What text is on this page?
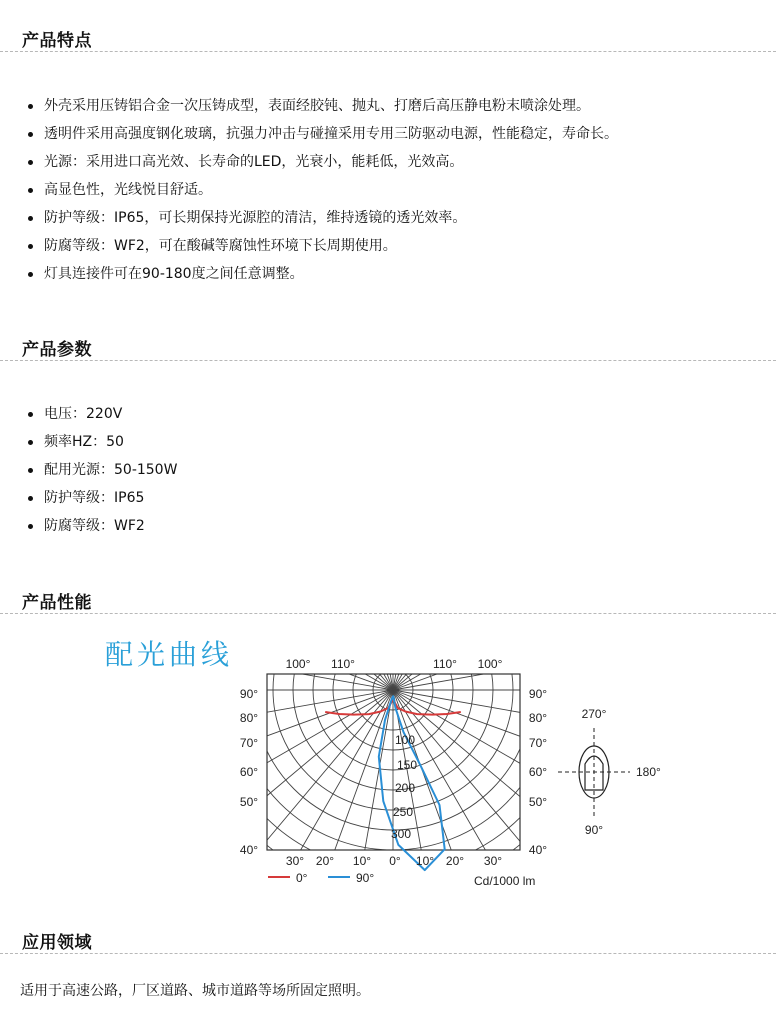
产品特点
外壳采用压铸铝合金一次压铸成型，表面经胶钝、抛丸、打磨后高压静电粉末喷涂处理。
透明件采用高强度钢化玻璃，抗强力冲击与碰撞采用专用三防驱动电源，性能稳定，寿命长。
光源：采用进口高光效、长寿命的LED，光衰小，能耗低，光效高。
高显色性，光线悦目舒适。
防护等级：IP65，可长期保持光源腔的清洁，维持透镜的透光效率。
防腐等级：WF2，可在酸碱等腐蚀性环境下长周期使用。
灯具连接件可在90-180度之间任意调整。
产品参数
电压：220V
频率HZ：50
配用光源：50-150W
防护等级：IP65
防腐等级：WF2
产品性能
配光曲线	100° 110°	110° 100°
90°
80°
70°
60°
50°
40°
90°
80°
70°
60°
50°
40°
30° 20° 10° 0° 10° 20° 30°
100
150
200
250
300
270°
180°
90°
0°	90°	Cd/1000 lm
应用领域
适用于高速公路，厂区道路、城市道路等场所固定照明。
